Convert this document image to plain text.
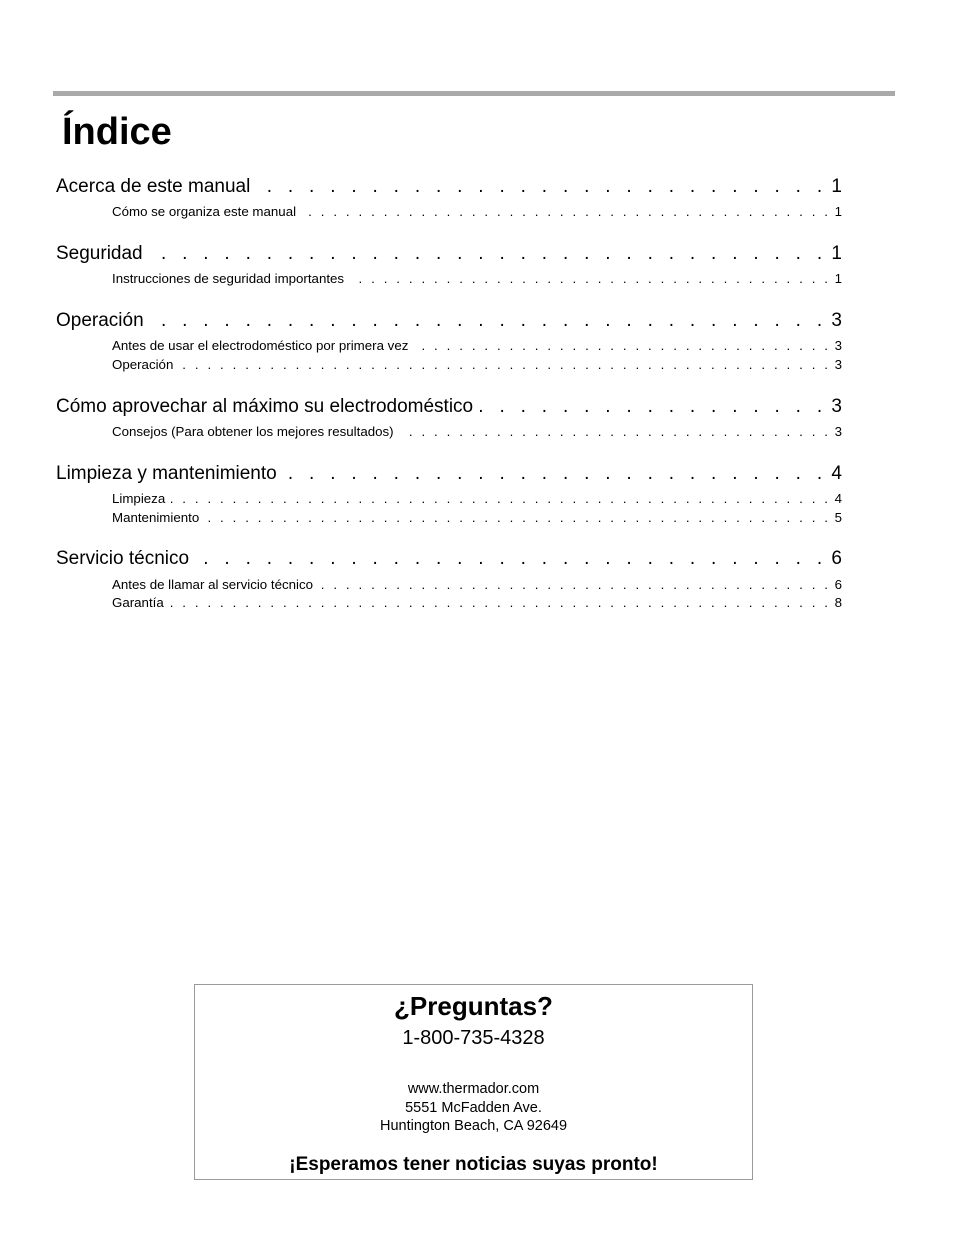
Índice
Acerca de este manual . . .	1
Cómo se organiza este manual . . .	1
Seguridad . . .	1
Instrucciones de seguridad importantes . . .	1
Operación . . .	3
Antes de usar el electrodoméstico por primera vez . . .	3
Operación . . .	3
Cómo aprovechar al máximo su electrodoméstico . . .	3
Consejos (Para obtener los mejores resultados) . . .	3
Limpieza y mantenimiento . . .	4
Limpieza . . .	4
Mantenimiento . . .	5
Servicio técnico . . .	6
Antes de llamar al servicio técnico . . .	6
Garantía . . .	8
¿Preguntas?
1-800-735-4328
www.thermador.com
5551 McFadden Ave.
Huntington Beach, CA 92649
¡Esperamos tener noticias suyas pronto!
